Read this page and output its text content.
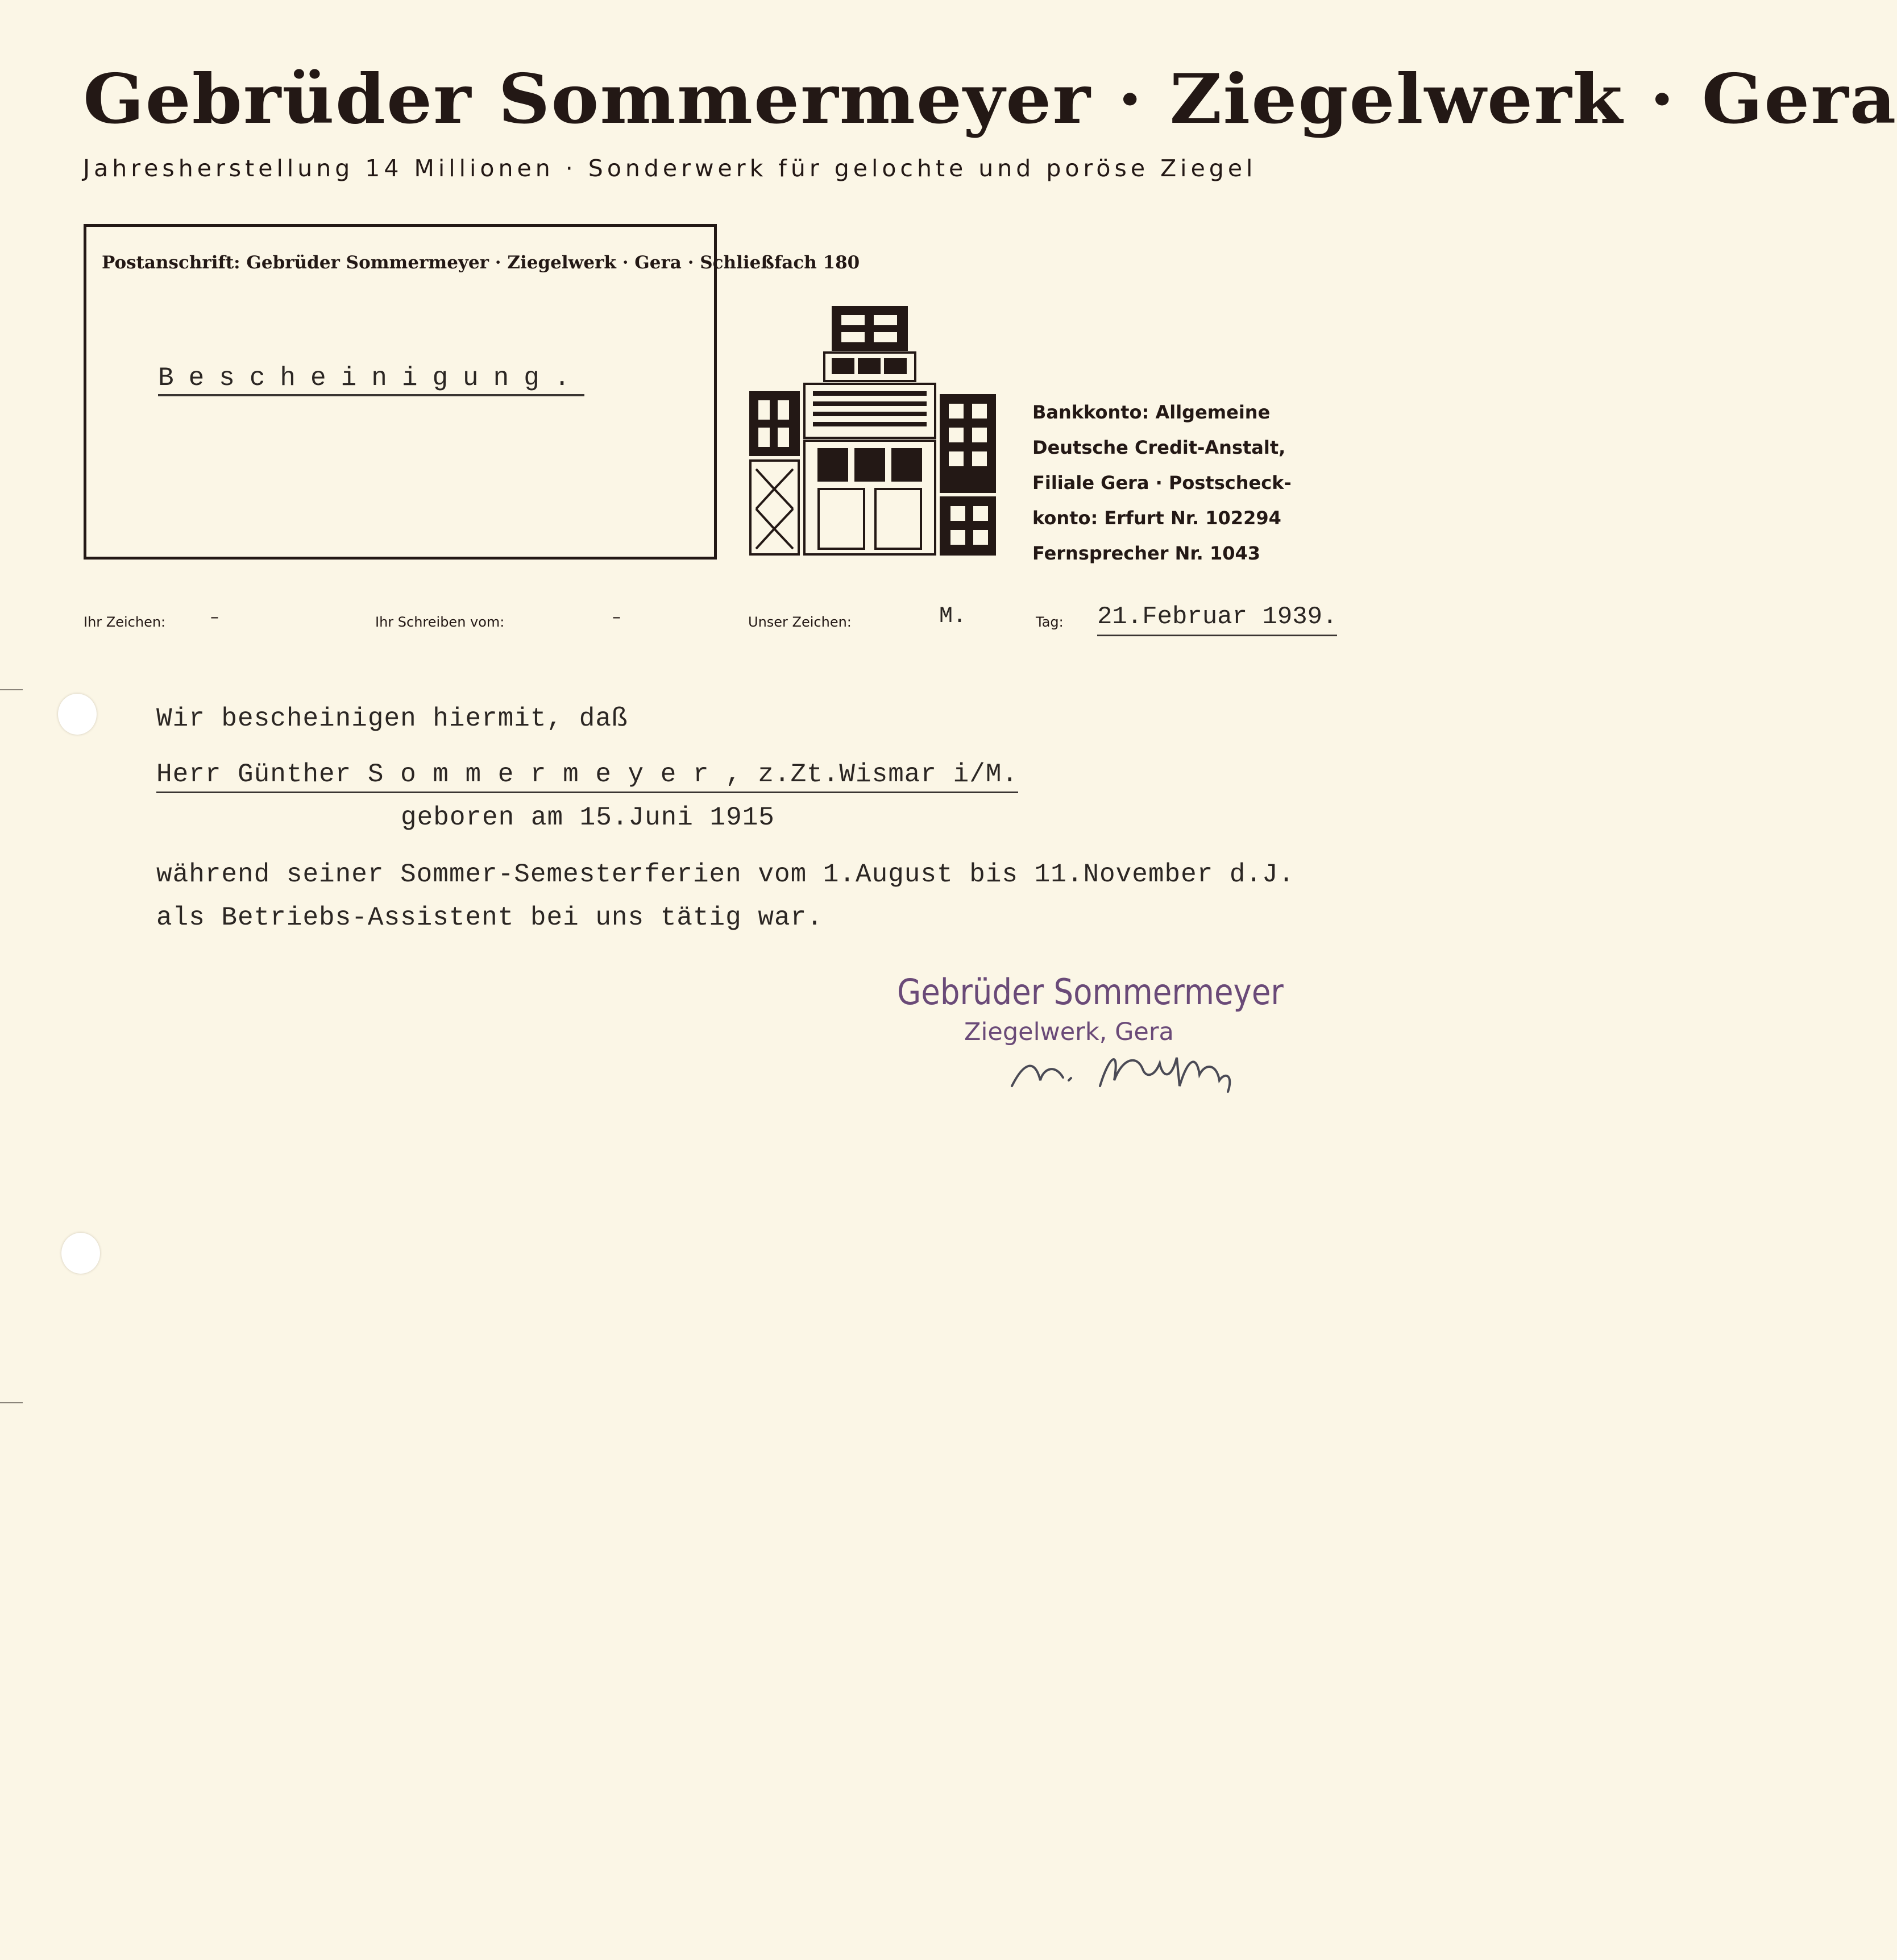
Gebrüder Sommermeyer · Ziegelwerk · Gera
Jahresherstellung 14 Millionen · Sonderwerk für gelochte und poröse Ziegel
Postanschrift: Gebrüder Sommermeyer · Ziegelwerk · Gera · Schließfach 180
Bescheinigung.
Bankkonto: Allgemeine
Deutsche Credit-Anstalt,
Filiale Gera · Postscheck-
konto: Erfurt Nr. 102294
Fernsprecher Nr. 1043
Ihr Zeichen:	–	Ihr Schreiben vom:	–	Unser Zeichen:	M.	Tag: 21.Februar 1939.
Wir bescheinigen hiermit, daß
Herr Günther S o m m e r m e y e r , z.Zt.Wismar i/M.
geboren am 15.Juni 1915
während seiner Sommer-Semesterferien vom 1.August bis 11.November d.J.
als Betriebs-Assistent bei uns tätig war.
Gebrüder Sommermeyer
Ziegelwerk, Gera
